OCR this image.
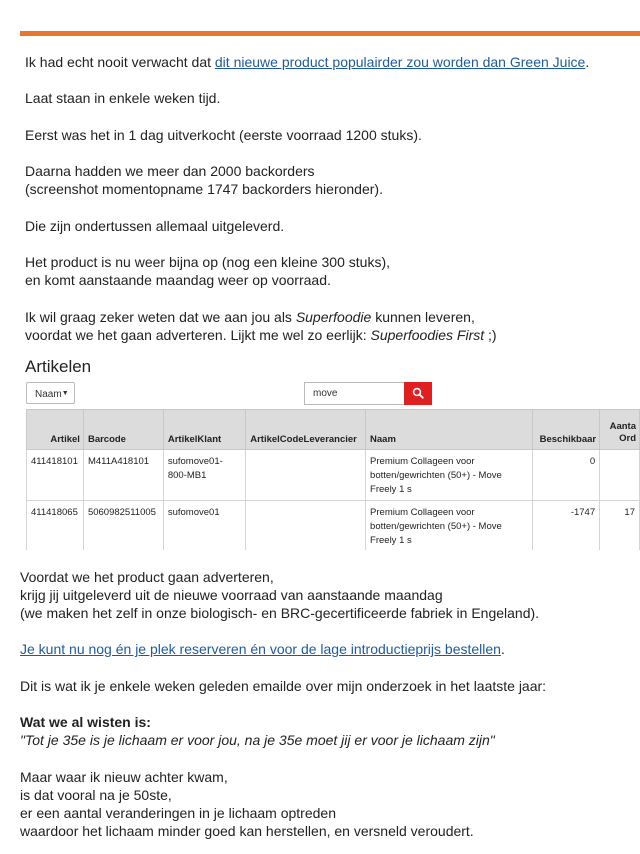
Ik had echt nooit verwacht dat dit nieuwe product populairder zou worden dan Green Juice.
Laat staan in enkele weken tijd.
Eerst was het in 1 dag uitverkocht (eerste voorraad 1200 stuks).
Daarna hadden we meer dan 2000 backorders
(screenshot momentopname 1747 backorders hieronder).
Die zijn ondertussen allemaal uitgeleverd.
Het product is nu weer bijna op (nog een kleine 300 stuks),
en komt aanstaande maandag weer op voorraad.
Ik wil graag zeker weten dat we aan jou als Superfoodie kunnen leveren,
voordat we het gaan adverteren. Lijkt me wel zo eerlijk: Superfoodies First ;)
Artikelen
Naam▼	move
Artikel	Barcode	ArtikelKlant	ArtikelCodeLeverancier	Naam	Beschikbaar	Aanta Ord
411418101	M411A418101	sufomove01-800-MB1		Premium Collageen voor botten/gewrichten (50+) - Move Freely 1 s	0	
411418065	5060982511005	sufomove01		Premium Collageen voor botten/gewrichten (50+) - Move Freely 1 s	-1747	17
Voordat we het product gaan adverteren,
krijg jij uitgeleverd uit de nieuwe voorraad van aanstaande maandag
(we maken het zelf in onze biologisch- en BRC-gecertificeerde fabriek in Engeland).
Je kunt nu nog én je plek reserveren én voor de lage introductieprijs bestellen.
Dit is wat ik je enkele weken geleden emailde over mijn onderzoek in het laatste jaar:
Wat we al wisten is:
"Tot je 35e is je lichaam er voor jou, na je 35e moet jij er voor je lichaam zijn"
Maar waar ik nieuw achter kwam,
is dat vooral na je 50ste,
er een aantal veranderingen in je lichaam optreden
waardoor het lichaam minder goed kan herstellen, en versneld veroudert.
